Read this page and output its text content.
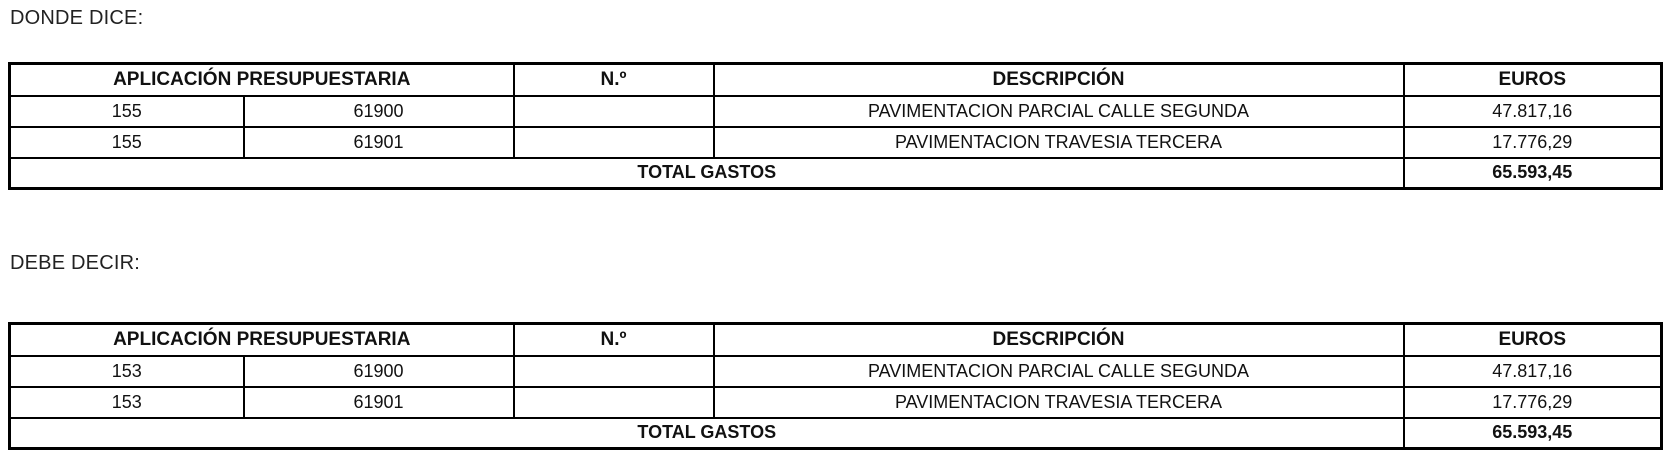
DONDE DICE:
APLICACIÓN PRESUPUESTARIA		N.º	DESCRIPCIÓN	EUROS
155	61900		PAVIMENTACION PARCIAL CALLE SEGUNDA	47.817,16
155	61901		PAVIMENTACION TRAVESIA TERCERA	17.776,29
TOTAL GASTOS				65.593,45
DEBE DECIR:
APLICACIÓN PRESUPUESTARIA		N.º	DESCRIPCIÓN	EUROS
153	61900		PAVIMENTACION PARCIAL CALLE SEGUNDA	47.817,16
153	61901		PAVIMENTACION TRAVESIA TERCERA	17.776,29
TOTAL GASTOS				65.593,45
